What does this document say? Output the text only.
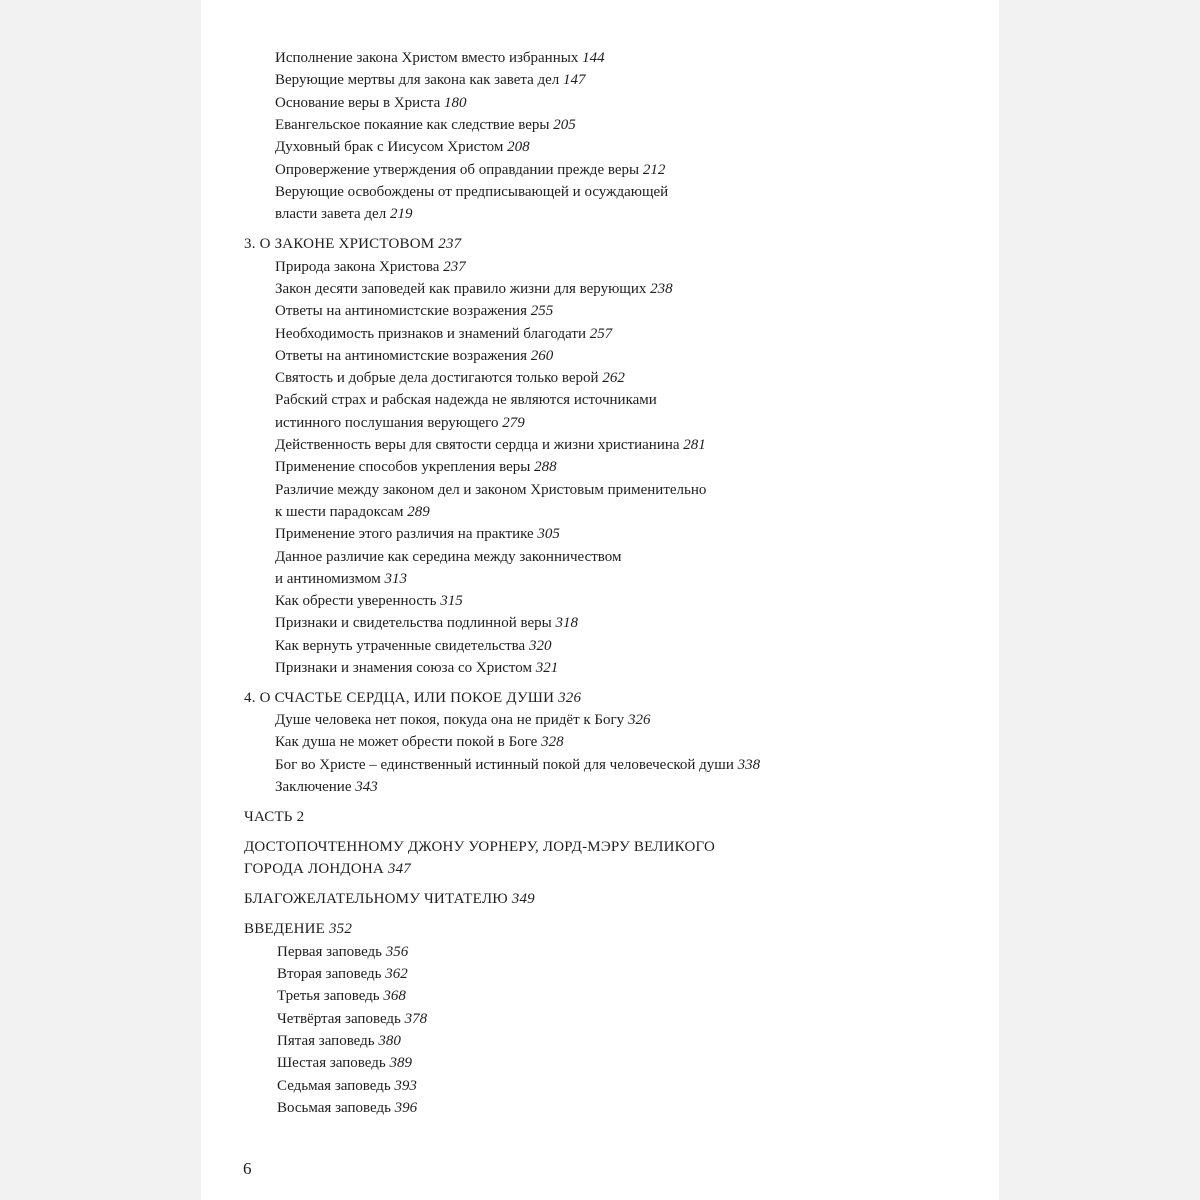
Исполнение закона Христом вместо избранных 144
Верующие мертвы для закона как завета дел 147
Основание веры в Христа 180
Евангельское покаяние как следствие веры 205
Духовный брак с Иисусом Христом 208
Опровержение утверждения об оправдании прежде веры 212
Верующие освобождены от предписывающей и осуждающей
власти завета дел 219
3. О ЗАКОНЕ ХРИСТОВОМ 237
Природа закона Христова 237
Закон десяти заповедей как правило жизни для верующих 238
Ответы на антиномистские возражения 255
Необходимость признаков и знамений благодати 257
Ответы на антиномистские возражения 260
Святость и добрые дела достигаются только верой 262
Рабский страх и рабская надежда не являются источниками
истинного послушания верующего 279
Действенность веры для святости сердца и жизни христианина 281
Применение способов укрепления веры 288
Различие между законом дел и законом Христовым применительно
к шести парадоксам 289
Применение этого различия на практике 305
Данное различие как середина между законничеством
и антиномизмом 313
Как обрести уверенность 315
Признаки и свидетельства подлинной веры 318
Как вернуть утраченные свидетельства 320
Признаки и знамения союза со Христом 321
4. О СЧАСТЬЕ СЕРДЦА, ИЛИ ПОКОЕ ДУШИ 326
Душе человека нет покоя, покуда она не придёт к Богу 326
Как душа не может обрести покой в Боге 328
Бог во Христе – единственный истинный покой для человеческой души 338
Заключение 343
ЧАСТЬ 2
ДОСТОПОЧТЕННОМУ ДЖОНУ УОРНЕРУ, ЛОРД-МЭРУ ВЕЛИКОГО
ГОРОДА ЛОНДОНА 347
БЛАГОЖЕЛАТЕЛЬНОМУ ЧИТАТЕЛЮ 349
ВВЕДЕНИЕ 352
Первая заповедь 356
Вторая заповедь 362
Третья заповедь 368
Четвёртая заповедь 378
Пятая заповедь 380
Шестая заповедь 389
Седьмая заповедь 393
Восьмая заповедь 396
6
